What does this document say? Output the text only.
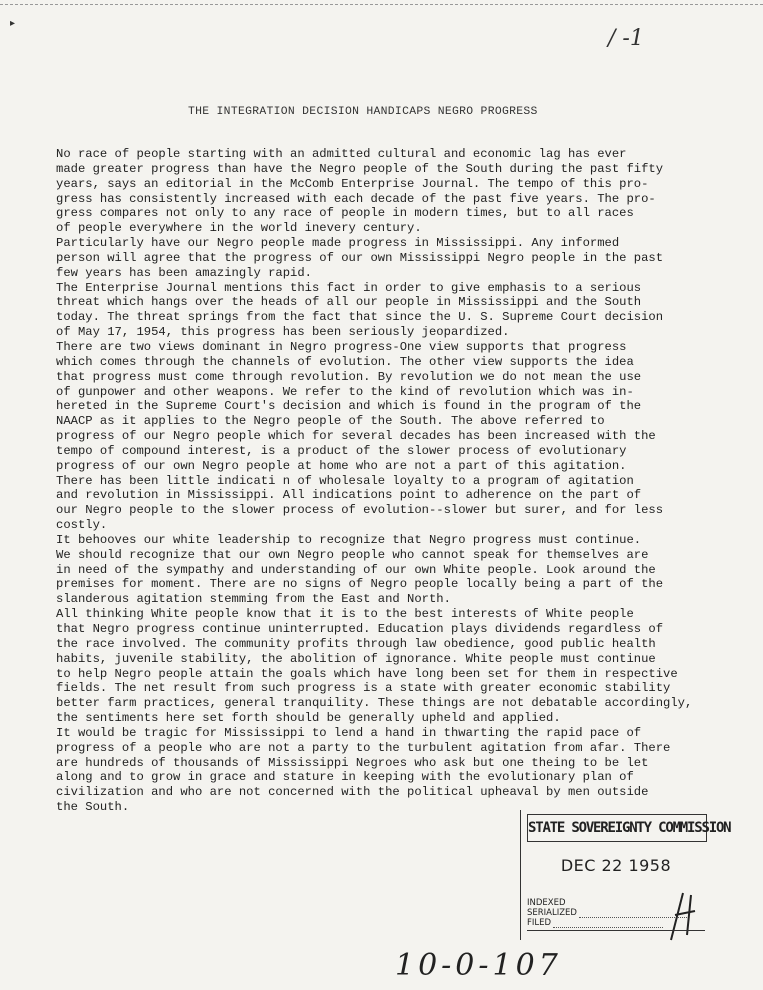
▸
/ -1
THE INTEGRATION DECISION HANDICAPS NEGRO PROGRESS
No race of people starting with an admitted cultural and economic lag has ever
made greater progress than have the Negro people of the South during the past fifty
years, says an editorial in the McComb Enterprise Journal. The tempo of this pro-
gress has consistently increased with each decade of the past five years. The pro-
gress compares not only to any race of people in modern times, but to all races
of people everywhere in the world inevery century.
Particularly have our Negro people made progress in Mississippi. Any informed
person will agree that the progress of our own Mississippi Negro people in the past
few years has been amazingly rapid.
The Enterprise Journal mentions this fact in order to give emphasis to a serious
threat which hangs over the heads of all our people in Mississippi and the South
today. The threat springs from the fact that since the U. S. Supreme Court decision
of May 17, 1954, this progress has been seriously jeopardized.
There are two views dominant in Negro progress-One view supports that progress
which comes through the channels of evolution. The other view supports the idea
that progress must come through revolution. By revolution we do not mean the use
of gunpower and other weapons. We refer to the kind of revolution which was in-
hereted in the Supreme Court's decision and which is found in the program of the
NAACP as it applies to the Negro people of the South. The above referred to
progress of our Negro people which for several decades has been increased with the
tempo of compound interest, is a product of the slower process of evolutionary
progress of our own Negro people at home who are not a part of this agitation.
There has been little indicati n of wholesale loyalty to a program of agitation
and revolution in Mississippi. All indications point to adherence on the part of
our Negro people to the slower process of evolution--slower but surer, and for less
costly.
It behooves our white leadership to recognize that Negro progress must continue.
We should recognize that our own Negro people who cannot speak for themselves are
in need of the sympathy and understanding of our own White people. Look around the
premises for moment. There are no signs of Negro people locally being a part of the
slanderous agitation stemming from the East and North.
All thinking White people know that it is to the best interests of White people
that Negro progress continue uninterrupted. Education plays dividends regardless of
the race involved. The community profits through law obedience, good public health
habits, juvenile stability, the abolition of ignorance. White people must continue
to help Negro people attain the goals which have long been set for them in respective
fields. The net result from such progress is a state with greater economic stability
better farm practices, general tranquility. These things are not debatable accordingly,
the sentiments here set forth should be generally upheld and applied.
It would be tragic for Mississippi to lend a hand in thwarting the rapid pace of
progress of a people who are not a party to the turbulent agitation from afar. There
are hundreds of thousands of Mississippi Negroes who ask but one theing to be let
along and to grow in grace and stature in keeping with the evolutionary plan of
civilization and who are not concerned with the political upheaval by men outside
the South.
STATE SOVEREIGNTY COMMISSION
DEC 22 1958
INDEXED
SERIALIZED
FILED
10-0-107
